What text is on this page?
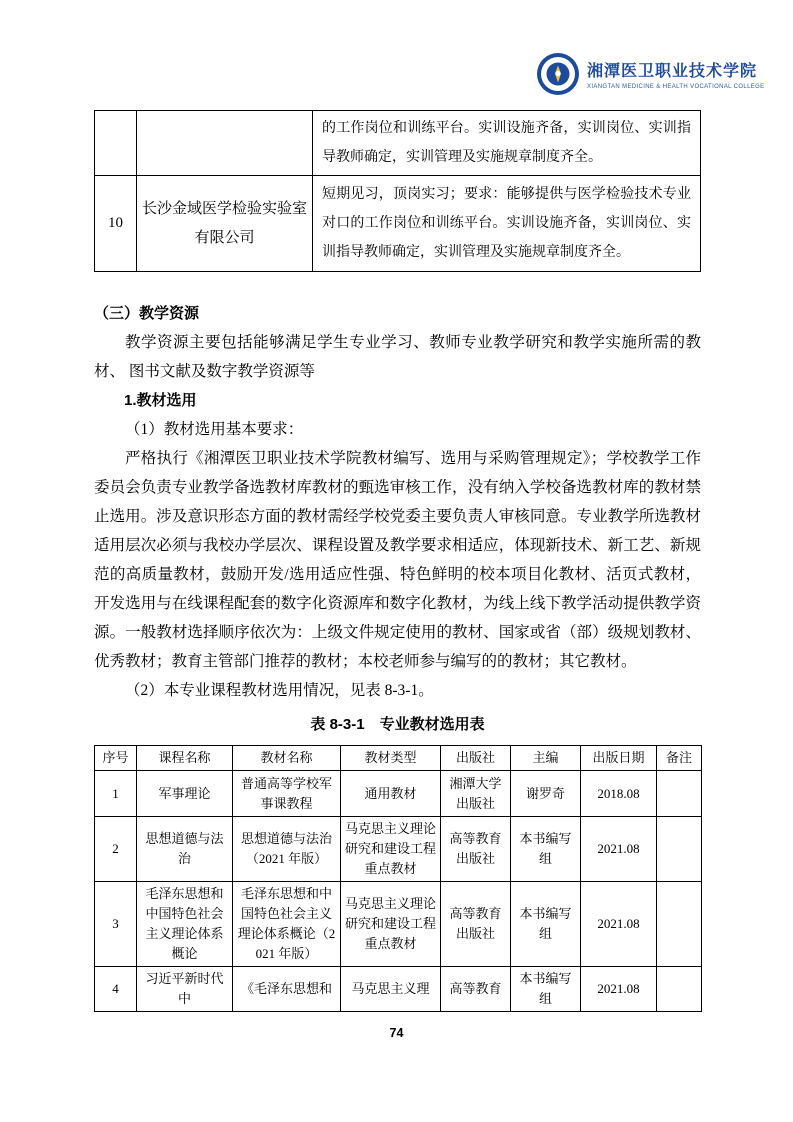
湘潭医卫职业技术学院
XIANGTAN MEDICINE & HEALTH VOCATIONAL COLLEGE
		的工作岗位和训练平台。实训设施齐备，实训岗位、实训指导教师确定，实训管理及实施规章制度齐全。
10	长沙金域医学检验实验室有限公司	短期见习，顶岗实习；要求：能够提供与医学检验技术专业对口的工作岗位和训练平台。实训设施齐备，实训岗位、实训指导教师确定，实训管理及实施规章制度齐全。

（三）教学资源

教学资源主要包括能够满足学生专业学习、教师专业教学研究和教学实施所需的教材、 图书文献及数字教学资源等

1.教材选用

（1）教材选用基本要求：

严格执行《湘潭医卫职业技术学院教材编写、选用与采购管理规定》；学校教学工作委员会负责专业教学备选教材库教材的甄选审核工作，没有纳入学校备选教材库的教材禁止选用。涉及意识形态方面的教材需经学校党委主要负责人审核同意。专业教学所选教材适用层次必须与我校办学层次、课程设置及教学要求相适应，体现新技术、新工艺、新规范的高质量教材，鼓励开发/选用适应性强、特色鲜明的校本项目化教材、活页式教材，开发选用与在线课程配套的数字化资源库和数字化教材，为线上线下教学活动提供教学资源。一般教材选择顺序依次为：上级文件规定使用的教材、国家或省（部）级规划教材、优秀教材；教育主管部门推荐的教材；本校老师参与编写的的教材；其它教材。

（2）本专业课程教材选用情况，见表 8-3-1。

表 8-3-1　专业教材选用表

序号	课程名称	教材名称	教材类型	出版社	主编	出版日期	备注
1	军事理论	普通高等学校军事课教程	通用教材	湘潭大学出版社	谢罗奇	2018.08	
2	思想道德与法治	思想道德与法治（2021 年版）	马克思主义理论研究和建设工程重点教材	高等教育出版社	本书编写组	2021.08	
3	毛泽东思想和中国特色社会主义理论体系概论	毛泽东思想和中国特色社会主义理论体系概论（2021 年版）	马克思主义理论研究和建设工程重点教材	高等教育出版社	本书编写组	2021.08	
4	习近平新时代中	《毛泽东思想和	马克思主义理	高等教育	本书编写组	2021.08	
74
